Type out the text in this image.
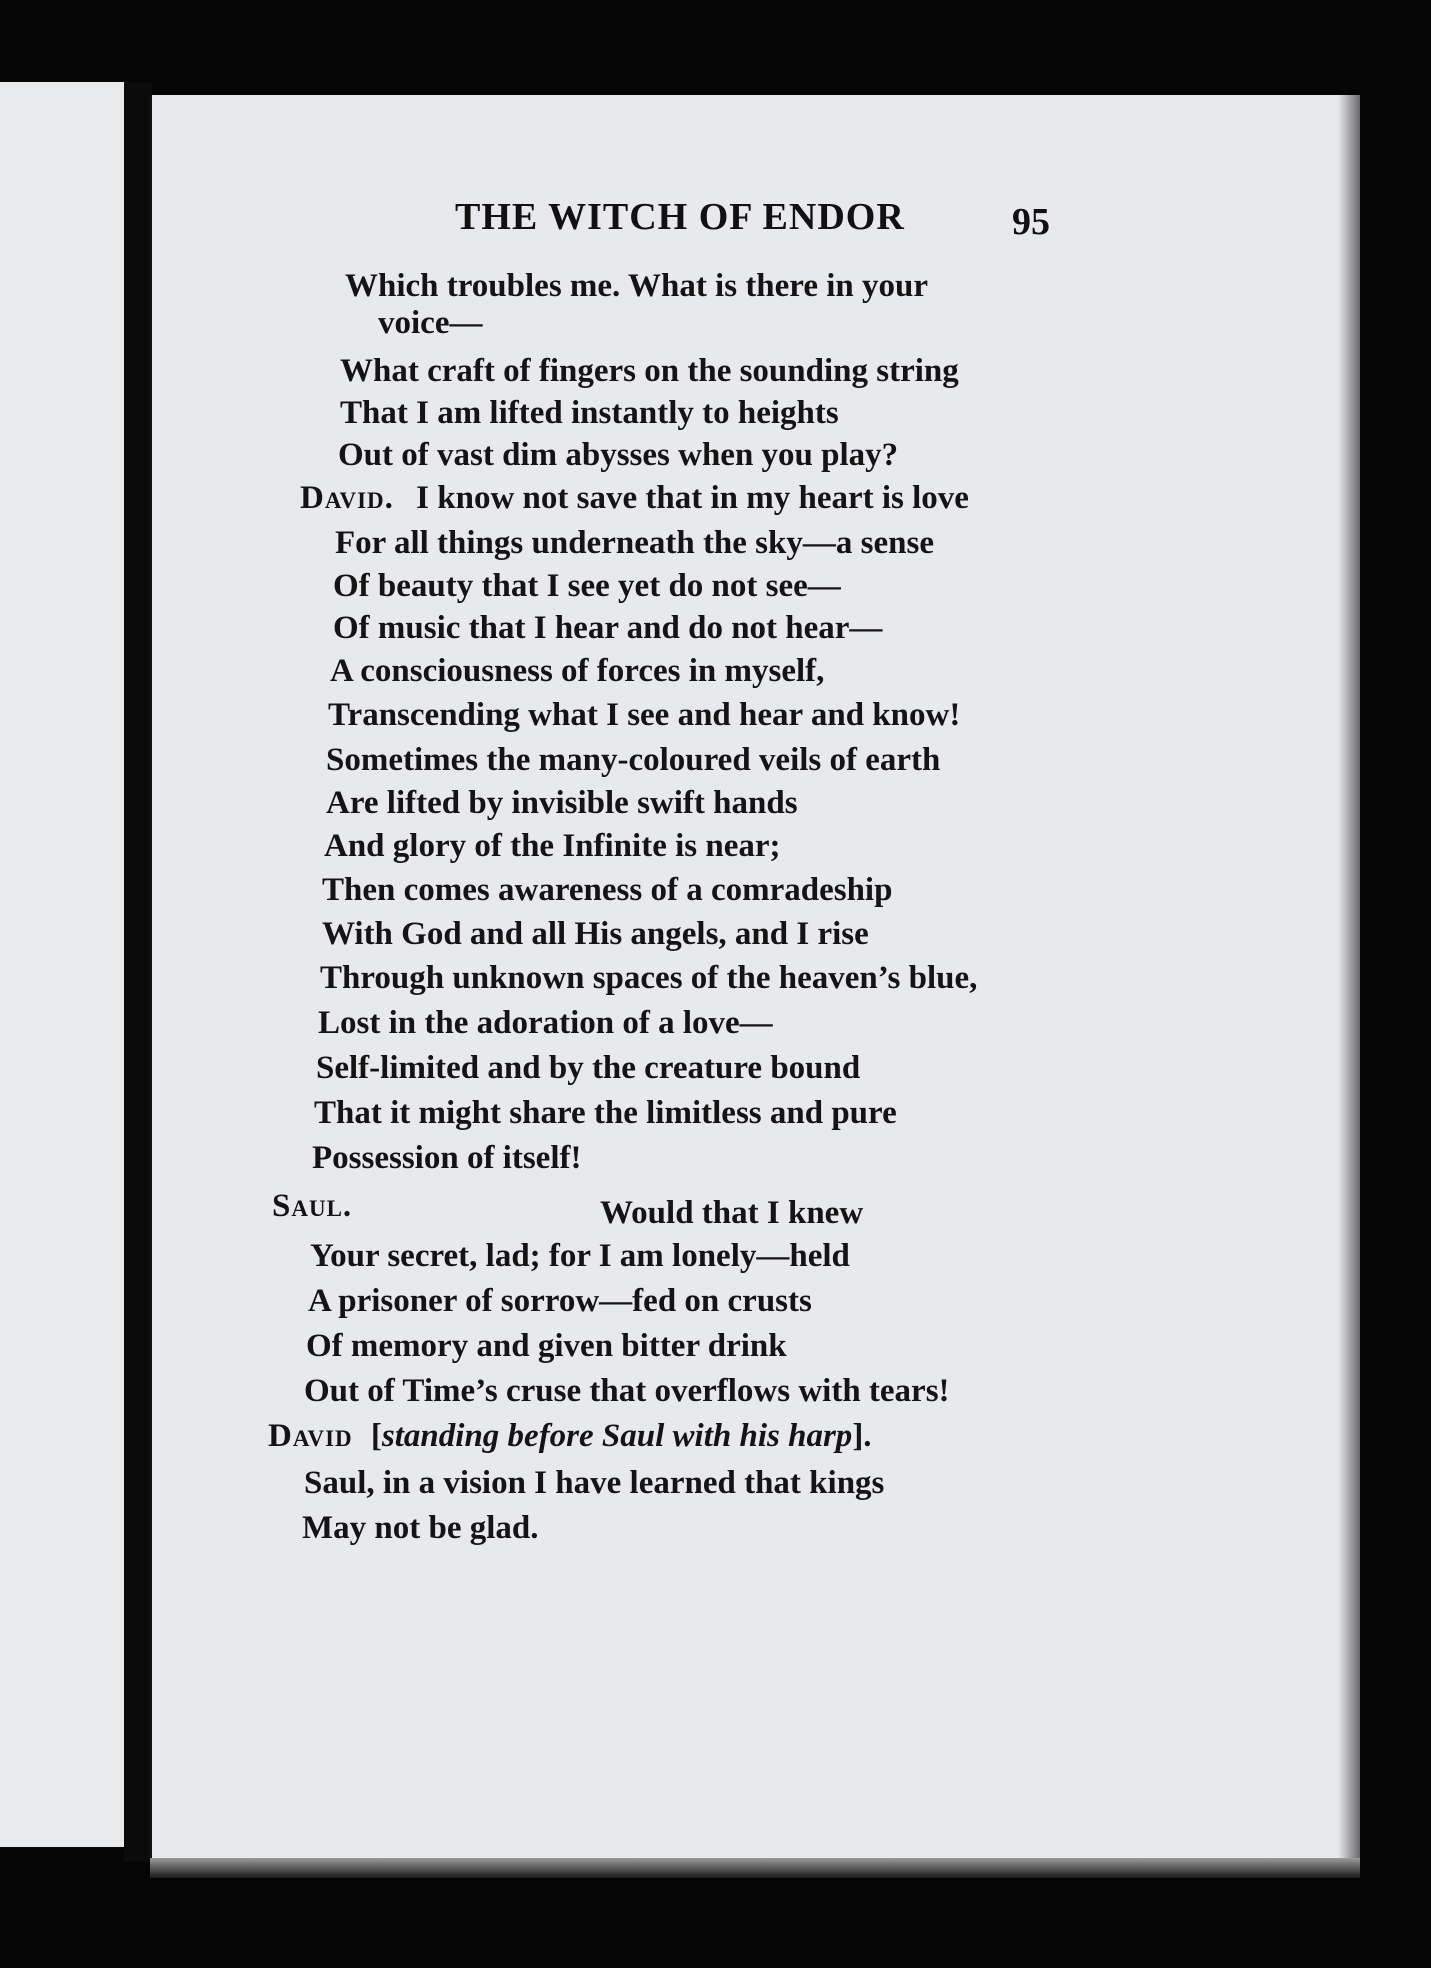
THE WITCH OF ENDOR	95
Which troubles me. What is there in your
voice—
What craft of fingers on the sounding string
That I am lifted instantly to heights
Out of vast dim abysses when you play?
David. I know not save that in my heart is love
For all things underneath the sky—a sense
Of beauty that I see yet do not see—
Of music that I hear and do not hear—
A consciousness of forces in myself,
Transcending what I see and hear and know!
Sometimes the many-coloured veils of earth
Are lifted by invisible swift hands
And glory of the Infinite is near;
Then comes awareness of a comradeship
With God and all His angels, and I rise
Through unknown spaces of the heaven’s blue,
Lost in the adoration of a love—
Self-limited and by the creature bound
That it might share the limitless and pure
Possession of itself!
Saul.	Would that I knew
Your secret, lad; for I am lonely—held
A prisoner of sorrow—fed on crusts
Of memory and given bitter drink
Out of Time’s cruse that overflows with tears!
David [standing before Saul with his harp].
Saul, in a vision I have learned that kings
May not be glad.
